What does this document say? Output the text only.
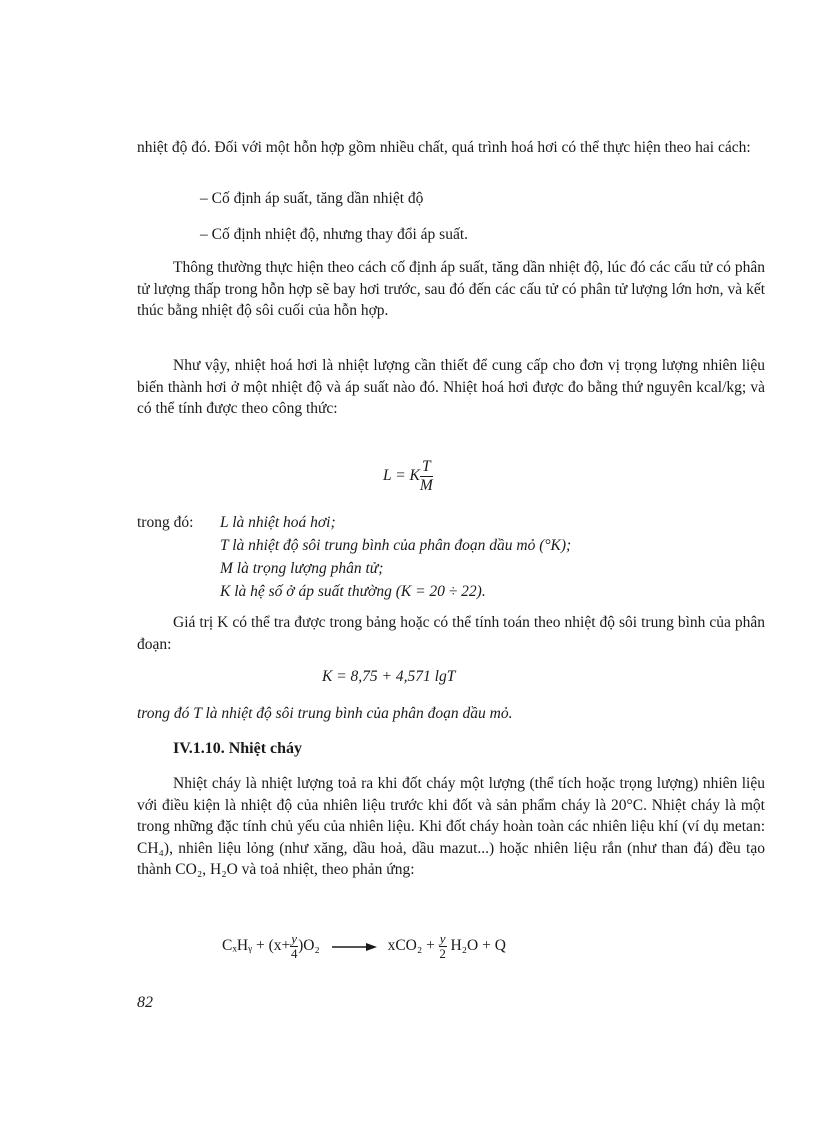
nhiệt độ đó. Đối với một hỗn hợp gồm nhiều chất, quá trình hoá hơi có thể thực hiện theo hai cách:

– Cố định áp suất, tăng dần nhiệt độ
– Cố định nhiệt độ, nhưng thay đổi áp suất.

Thông thường thực hiện theo cách cố định áp suất, tăng dần nhiệt độ, lúc đó các cấu tử có phân tử lượng thấp trong hỗn hợp sẽ bay hơi trước, sau đó đến các cấu tử có phân tử lượng lớn hơn, và kết thúc bằng nhiệt độ sôi cuối của hỗn hợp.

Như vậy, nhiệt hoá hơi là nhiệt lượng cần thiết để cung cấp cho đơn vị trọng lượng nhiên liệu biến thành hơi ở một nhiệt độ và áp suất nào đó. Nhiệt hoá hơi được đo bằng thứ nguyên kcal/kg; và có thể tính được theo công thức:

L = K $\frac{T}{M}$
trong đó: L là nhiệt hoá hơi;
T là nhiệt độ sôi trung bình của phân đoạn dầu mỏ (°K);
M là trọng lượng phân tử;
K là hệ số ở áp suất thường (K = 20 ÷ 22).

Giá trị K có thể tra được trong bảng hoặc có thể tính toán theo nhiệt độ sôi trung bình của phân đoạn:

K = 8,75 + 4,571 lgT

trong đó T là nhiệt độ sôi trung bình của phân đoạn dầu mỏ.

IV.1.10. Nhiệt cháy

Nhiệt cháy là nhiệt lượng toả ra khi đốt cháy một lượng (thể tích hoặc trọng lượng) nhiên liệu với điều kiện là nhiệt độ của nhiên liệu trước khi đốt và sản phẩm cháy là 20°C. Nhiệt cháy là một trong những đặc tính chủ yếu của nhiên liệu. Khi đốt cháy hoàn toàn các nhiên liệu khí (ví dụ metan: CH₄), nhiên liệu lỏng (như xăng, dầu hoả, dầu mazut...) hoặc nhiên liệu rắn (như than đá) đều tạo thành CO₂, H₂O và toả nhiệt, theo phản ứng:

CₓHᵧ + $(x+ \frac{y}{4} )O_2 \to xCO_2 + \frac{y}{2} H_2O + Q$
82
